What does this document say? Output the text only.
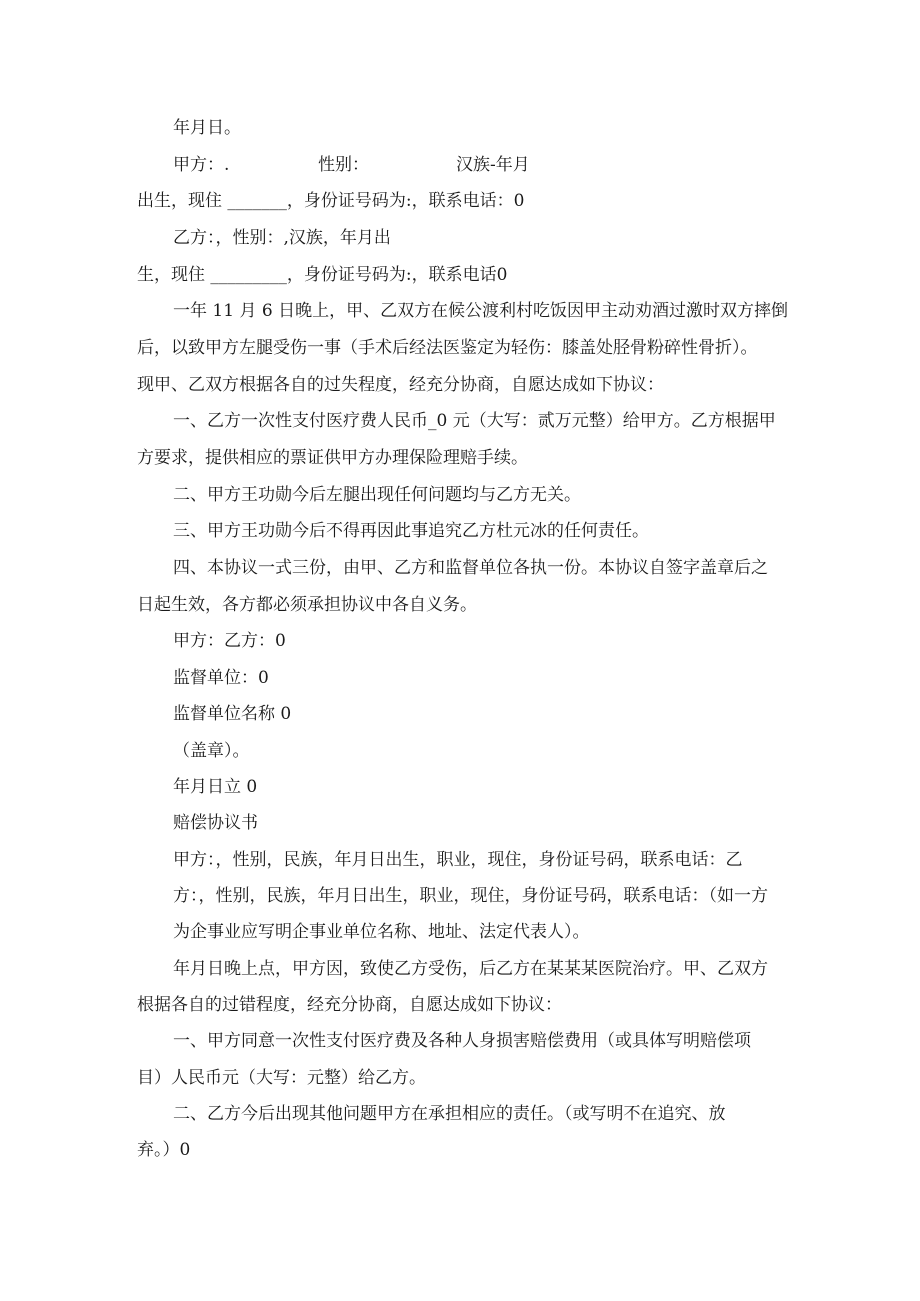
年月日。
甲方：.	性别：	汉族-年月
出生，现住 _______，身份证号码为:，联系电话：0
乙方：，性别：,汉族，年月出
生，现住 _________，身份证号码为:，联系电话0
一年 11 月 6 日晚上，甲、乙双方在候公渡利村吃饭因甲主动劝酒过激时双方摔倒
后，以致甲方左腿受伤一事（手术后经法医鉴定为轻伤：膝盖处胫骨粉碎性骨折）。
现甲、乙双方根据各自的过失程度，经充分协商，自愿达成如下协议：
一、乙方一次性支付医疗费人民币_0 元（大写：贰万元整）给甲方。乙方根据甲
方要求，提供相应的票证供甲方办理保险理赔手续。
二、甲方王功勋今后左腿出现任何问题均与乙方无关。
三、甲方王功勋今后不得再因此事追究乙方杜元冰的任何责任。
四、本协议一式三份，由甲、乙方和监督单位各执一份。本协议自签字盖章后之
日起生效，各方都必须承担协议中各自义务。
甲方：乙方：0
监督单位：0
监督单位名称 0
（盖章）。
年月日立 0
赔偿协议书
甲方：，性别，民族，年月日出生，职业，现住，身份证号码，联系电话：乙
方：，性别，民族，年月日出生，职业，现住，身份证号码，联系电话：（如一方
为企事业应写明企事业单位名称、地址、法定代表人）。
年月日晚上点，甲方因，致使乙方受伤，后乙方在某某某医院治疗。甲、乙双方
根据各自的过错程度，经充分协商，自愿达成如下协议：
一、甲方同意一次性支付医疗费及各种人身损害赔偿费用（或具体写明赔偿项
目）人民币元（大写：元整）给乙方。
二、乙方今后出现其他问题甲方在承担相应的责任。（或写明不在追究、放
弃。）0
